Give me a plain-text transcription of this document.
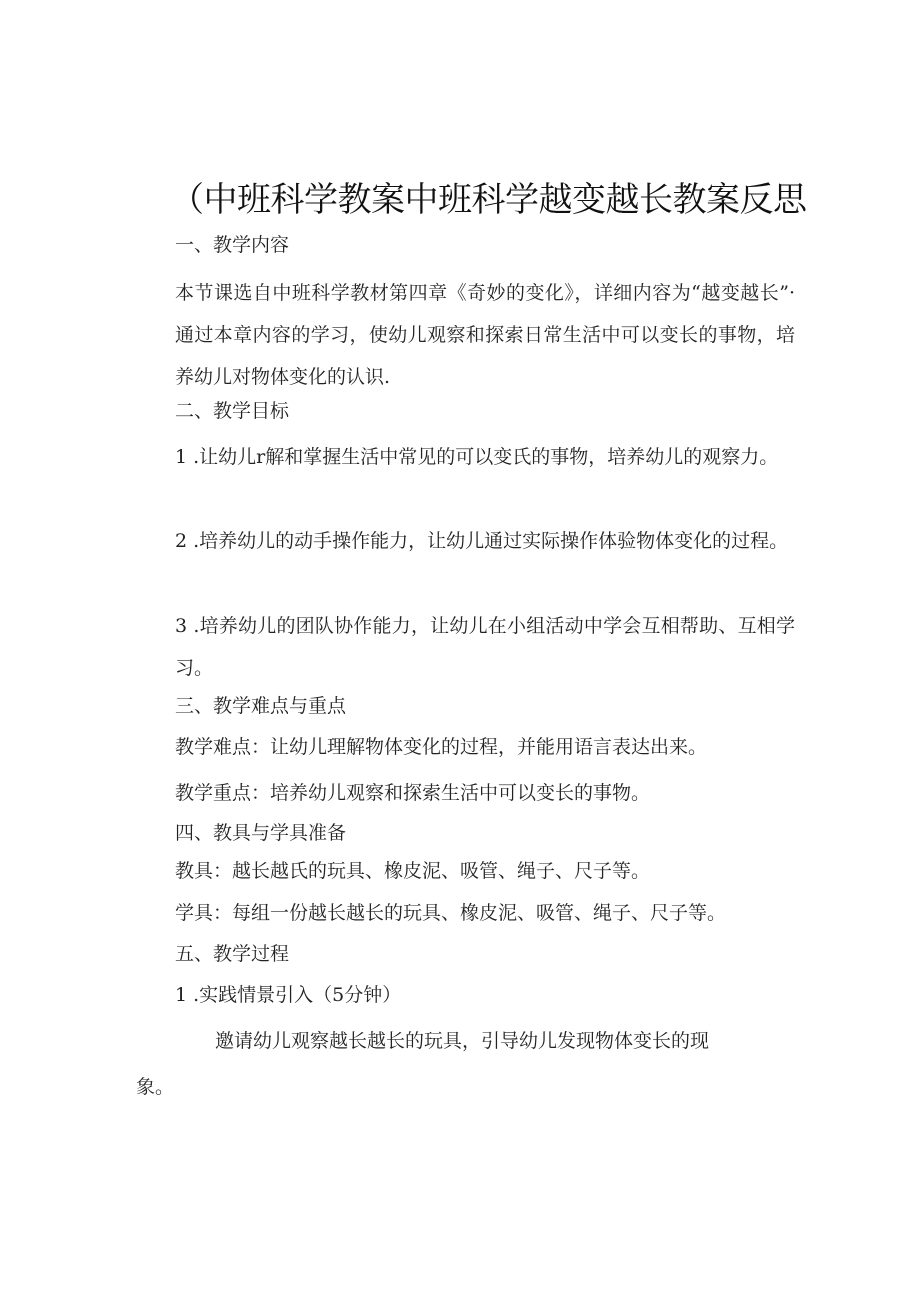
（中班科学教案中班科学越变越长教案反思

一、教学内容

本节课选自中班科学教材第四章《奇妙的变化》，详细内容为“越变越长”·通过本章内容的学习，使幼儿观察和探索日常生活中可以变长的事物，培养幼儿对物体变化的认识.

二、教学目标

1 .让幼儿r解和掌握生活中常见的可以变氏的事物，培养幼儿的观察力。

2 .培养幼儿的动手操作能力，让幼儿通过实际操作体验物体变化的过程。

3 .培养幼儿的团队协作能力，让幼儿在小组活动中学会互相帮助、互相学习。

三、教学难点与重点

教学难点：让幼儿理解物体变化的过程，并能用语言表达出来。

教学重点：培养幼儿观察和探索生活中可以变长的事物。

四、教具与学具准备

教具：越长越氏的玩具、橡皮泥、吸管、绳子、尺子等。

学具：每组一份越长越长的玩具、橡皮泥、吸管、绳子、尺子等。

五、教学过程

1 .实践情景引入（5分钟）

邀请幼儿观察越长越长的玩具，引导幼儿发现物体变长的现象。
